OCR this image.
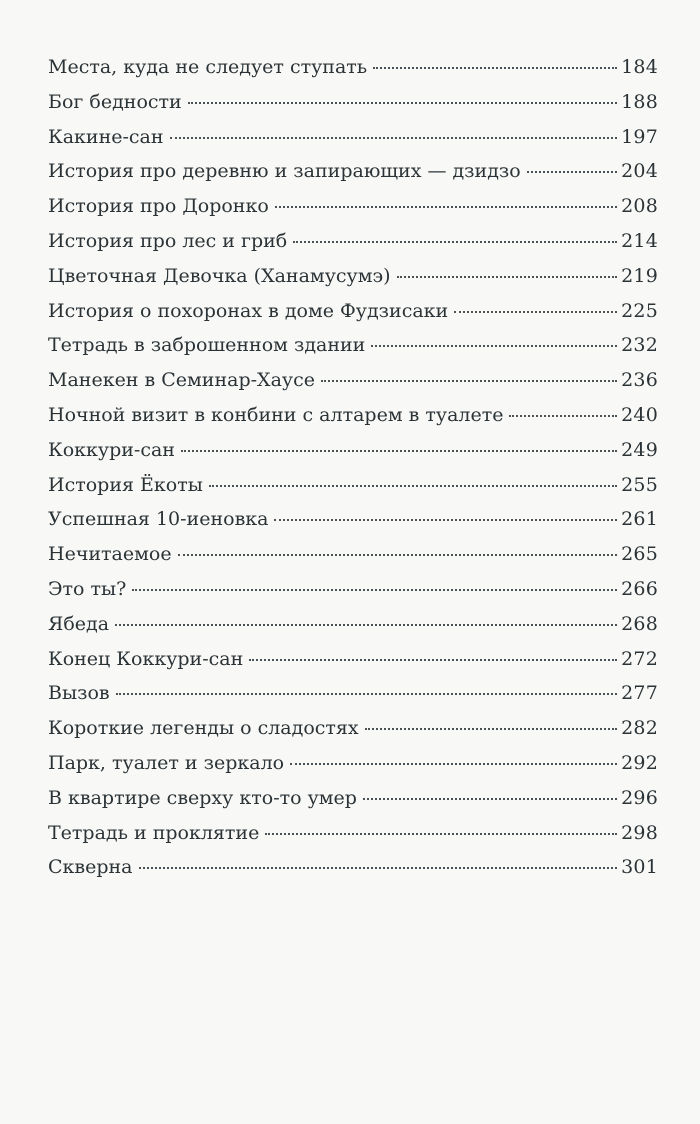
Места, куда не следует ступать	184
Бог бедности	188
Какине-сан	197
История про деревню и запирающих — дзидзо	204
История про Доронко	208
История про лес и гриб	214
Цветочная Девочка (Ханамусумэ)	219
История о похоронах в доме Фудзисаки	225
Тетрадь в заброшенном здании	232
Манекен в Семинар-Хаусе	236
Ночной визит в конбини с алтарем в туалете	240
Коккури-сан	249
История Ёкоты	255
Успешная 10-иеновка	261
Нечитаемое	265
Это ты?	266
Ябеда	268
Конец Коккури-сан	272
Вызов	277
Короткие легенды о сладостях	282
Парк, туалет и зеркало	292
В квартире сверху кто-то умер	296
Тетрадь и проклятие	298
Скверна	301
